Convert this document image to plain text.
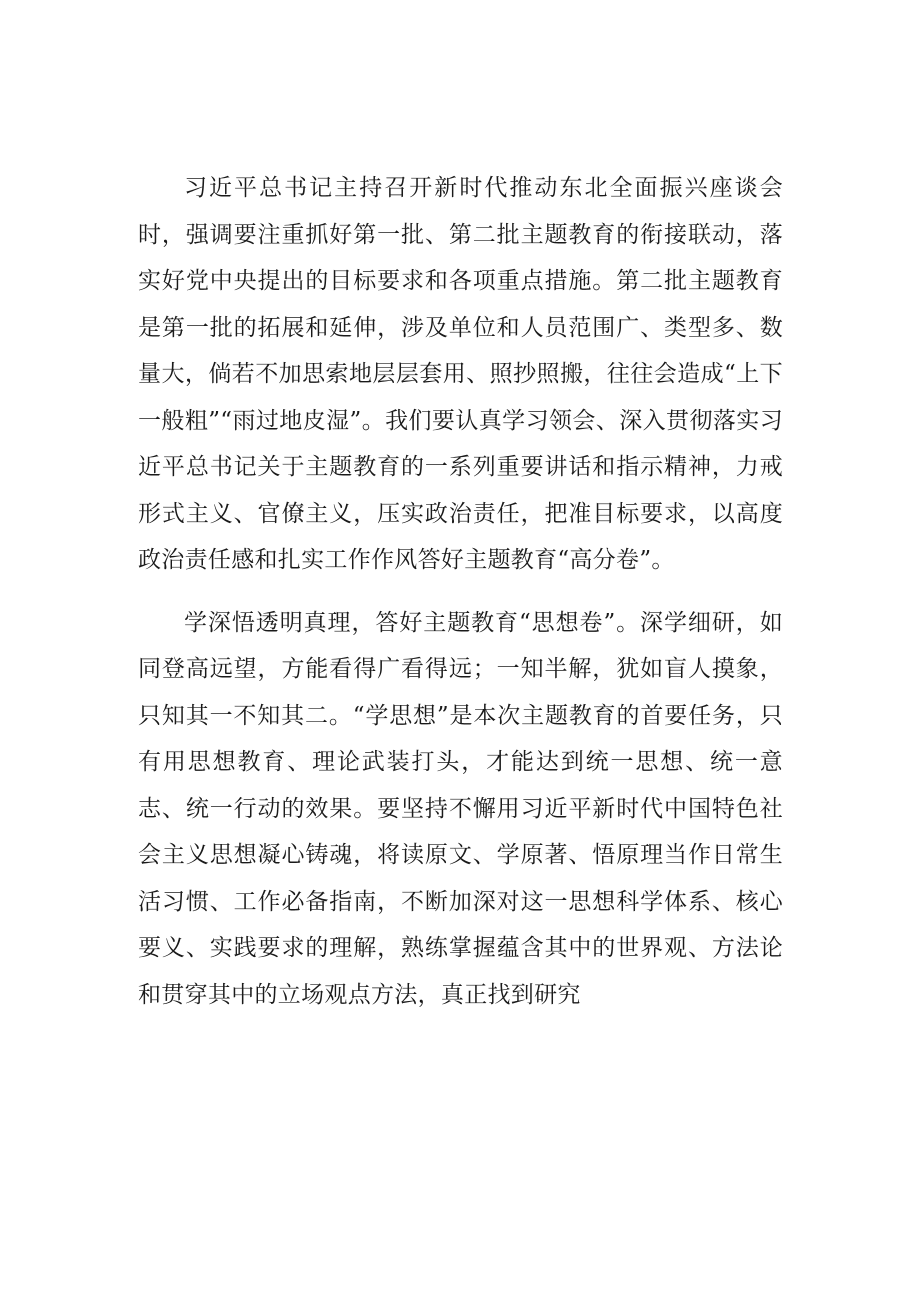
习近平总书记主持召开新时代推动东北全面振兴座谈会时，强调要注重抓好第一批、第二批主题教育的衔接联动，落实好党中央提出的目标要求和各项重点措施。第二批主题教育是第一批的拓展和延伸，涉及单位和人员范围广、类型多、数量大，倘若不加思索地层层套用、照抄照搬，往往会造成“上下一般粗”“雨过地皮湿”。我们要认真学习领会、深入贯彻落实习近平总书记关于主题教育的一系列重要讲话和指示精神，力戒形式主义、官僚主义，压实政治责任，把准目标要求，以高度政治责任感和扎实工作作风答好主题教育“高分卷”。

学深悟透明真理，答好主题教育“思想卷”。深学细研，如同登高远望，方能看得广看得远；一知半解，犹如盲人摸象，只知其一不知其二。“学思想”是本次主题教育的首要任务，只有用思想教育、理论武装打头，才能达到统一思想、统一意志、统一行动的效果。要坚持不懈用习近平新时代中国特色社会主义思想凝心铸魂，将读原文、学原著、悟原理当作日常生活习惯、工作必备指南，不断加深对这一思想科学体系、核心要义、实践要求的理解，熟练掌握蕴含其中的世界观、方法论和贯穿其中的立场观点方法，真正找到研究
